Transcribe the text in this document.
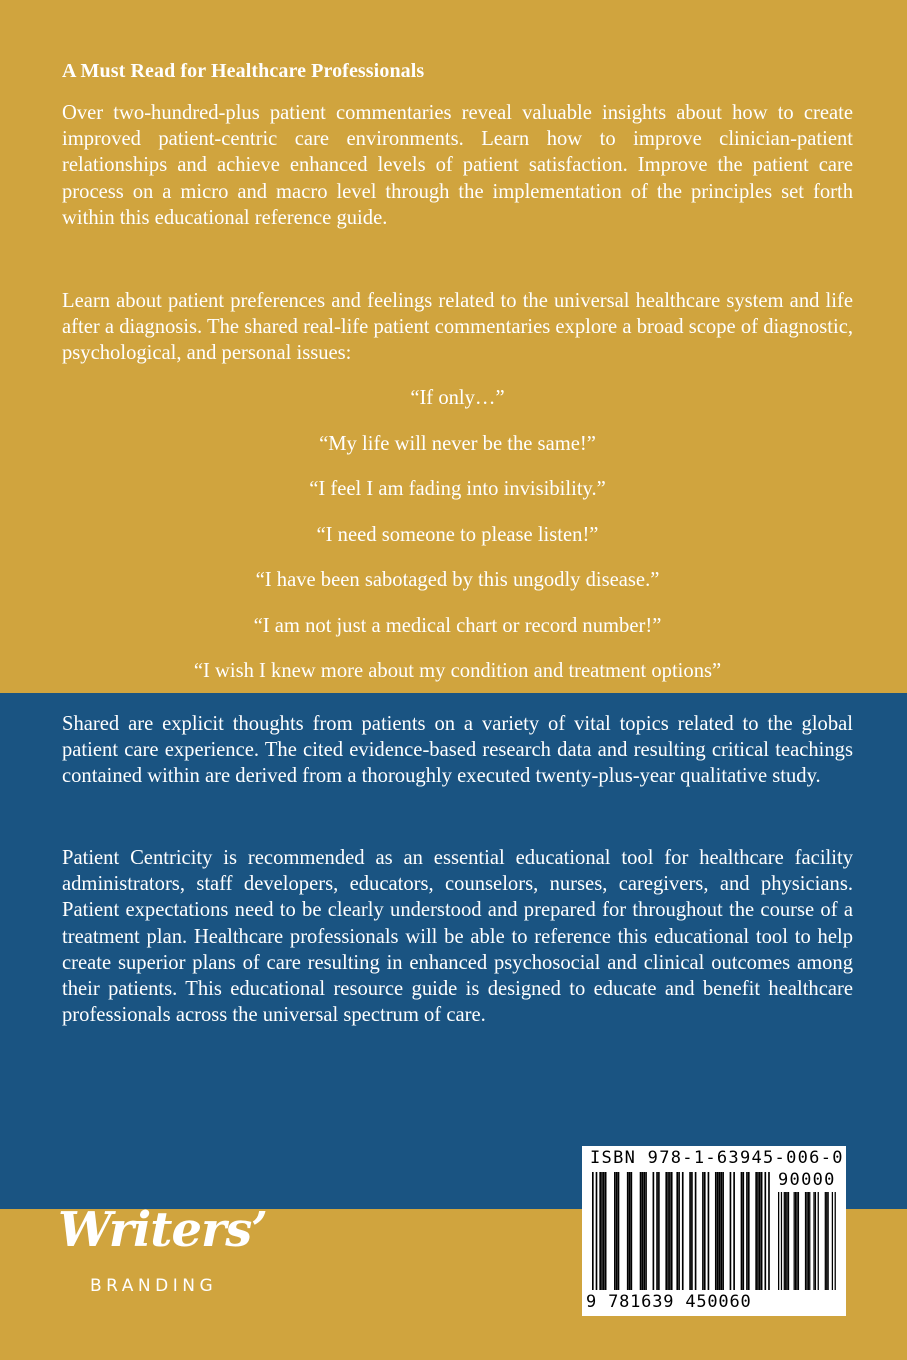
A Must Read for Healthcare Professionals

Over two-hundred-plus patient commentaries reveal valuable insights about how to create improved patient-centric care environments. Learn how to improve clinician-patient relationships and achieve enhanced levels of patient satisfaction. Improve the patient care process on a micro and macro level through the implementation of the principles set forth within this educational reference guide.

Learn about patient preferences and feelings related to the universal healthcare system and life after a diagnosis. The shared real-life patient commentaries explore a broad scope of diagnostic, psychological, and personal issues:

“If only…”
“My life will never be the same!”
“I feel I am fading into invisibility.”
“I need someone to please listen!”
“I have been sabotaged by this ungodly disease.”
“I am not just a medical chart or record number!”
“I wish I knew more about my condition and treatment options”

Shared are explicit thoughts from patients on a variety of vital topics related to the global patient care experience. The cited evidence-based research data and resulting critical teachings contained within are derived from a thoroughly executed twenty-plus-year qualitative study.

Patient Centricity is recommended as an essential educational tool for healthcare facility administrators, staff developers, educators, counselors, nurses, caregivers, and physicians. Patient expectations need to be clearly understood and prepared for throughout the course of a treatment plan. Healthcare professionals will be able to reference this educational tool to help create superior plans of care resulting in enhanced psychosocial and clinical outcomes among their patients. This educational resource guide is designed to educate and benefit healthcare professionals across the universal spectrum of care.

Writers’
BRANDING
ISBN 978-1-63945-006-0
90000
9 781639 450060
